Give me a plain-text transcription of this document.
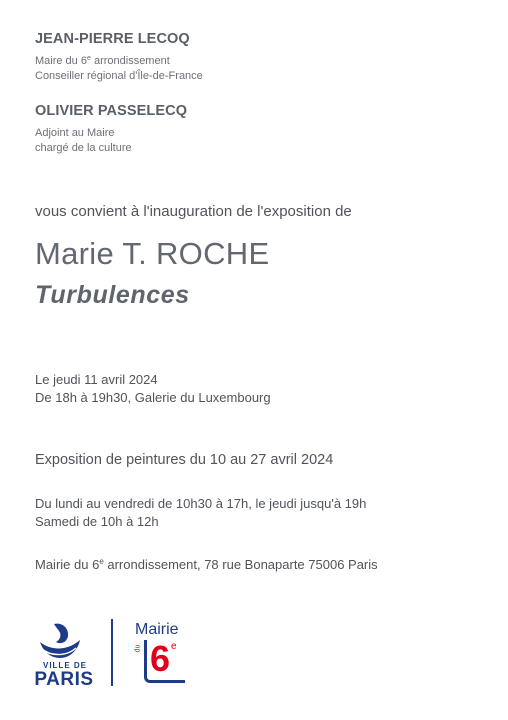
JEAN-PIERRE LECOQ
Maire du 6e arrondissement
Conseiller régional d'Île-de-France
OLIVIER PASSELECQ
Adjoint au Maire
chargé de la culture
vous convient à l'inauguration de l'exposition de
Marie T. ROCHE
Turbulences
Le jeudi 11 avril 2024
De 18h à 19h30, Galerie du Luxembourg
Exposition de peintures du 10 au 27 avril 2024
Du lundi au vendredi de 10h30 à 17h, le jeudi jusqu'à 19h
Samedi de 10h à 12h
Mairie du 6e arrondissement, 78 rue Bonaparte 75006 Paris
VILLE DE
PARIS
Mairie
du 6 e
